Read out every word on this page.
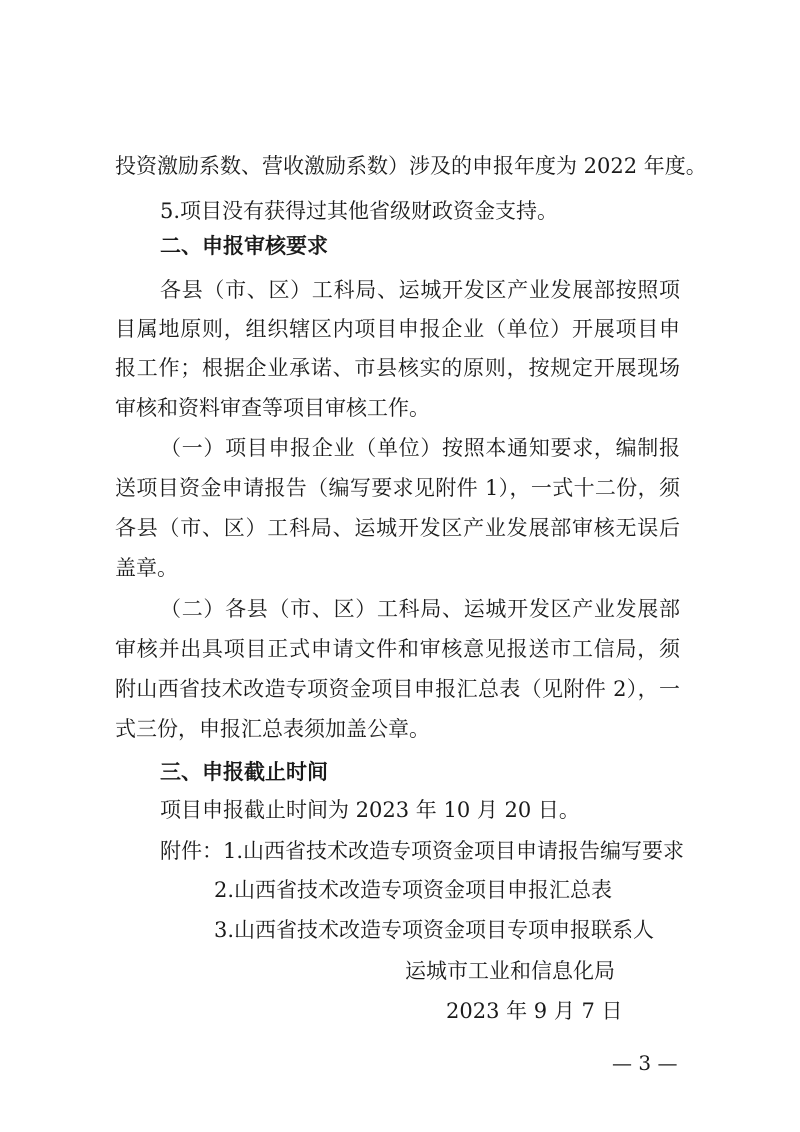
投资激励系数、营收激励系数）涉及的申报年度为 2022 年度。
5.项目没有获得过其他省级财政资金支持。
二、申报审核要求
各县（市、区）工科局、运城开发区产业发展部按照项
目属地原则，组织辖区内项目申报企业（单位）开展项目申
报工作；根据企业承诺、市县核实的原则，按规定开展现场
审核和资料审查等项目审核工作。
（一）项目申报企业（单位）按照本通知要求，编制报
送项目资金申请报告（编写要求见附件 1），一式十二份，须
各县（市、区）工科局、运城开发区产业发展部审核无误后
盖章。
（二）各县（市、区）工科局、运城开发区产业发展部
审核并出具项目正式申请文件和审核意见报送市工信局，须
附山西省技术改造专项资金项目申报汇总表（见附件 2），一
式三份，申报汇总表须加盖公章。
三、申报截止时间
项目申报截止时间为 2023 年 10 月 20 日。
附件：1.山西省技术改造专项资金项目申请报告编写要求
2.山西省技术改造专项资金项目申报汇总表
3.山西省技术改造专项资金项目专项申报联系人
运城市工业和信息化局
2023 年 9 月 7 日
— 3 —
